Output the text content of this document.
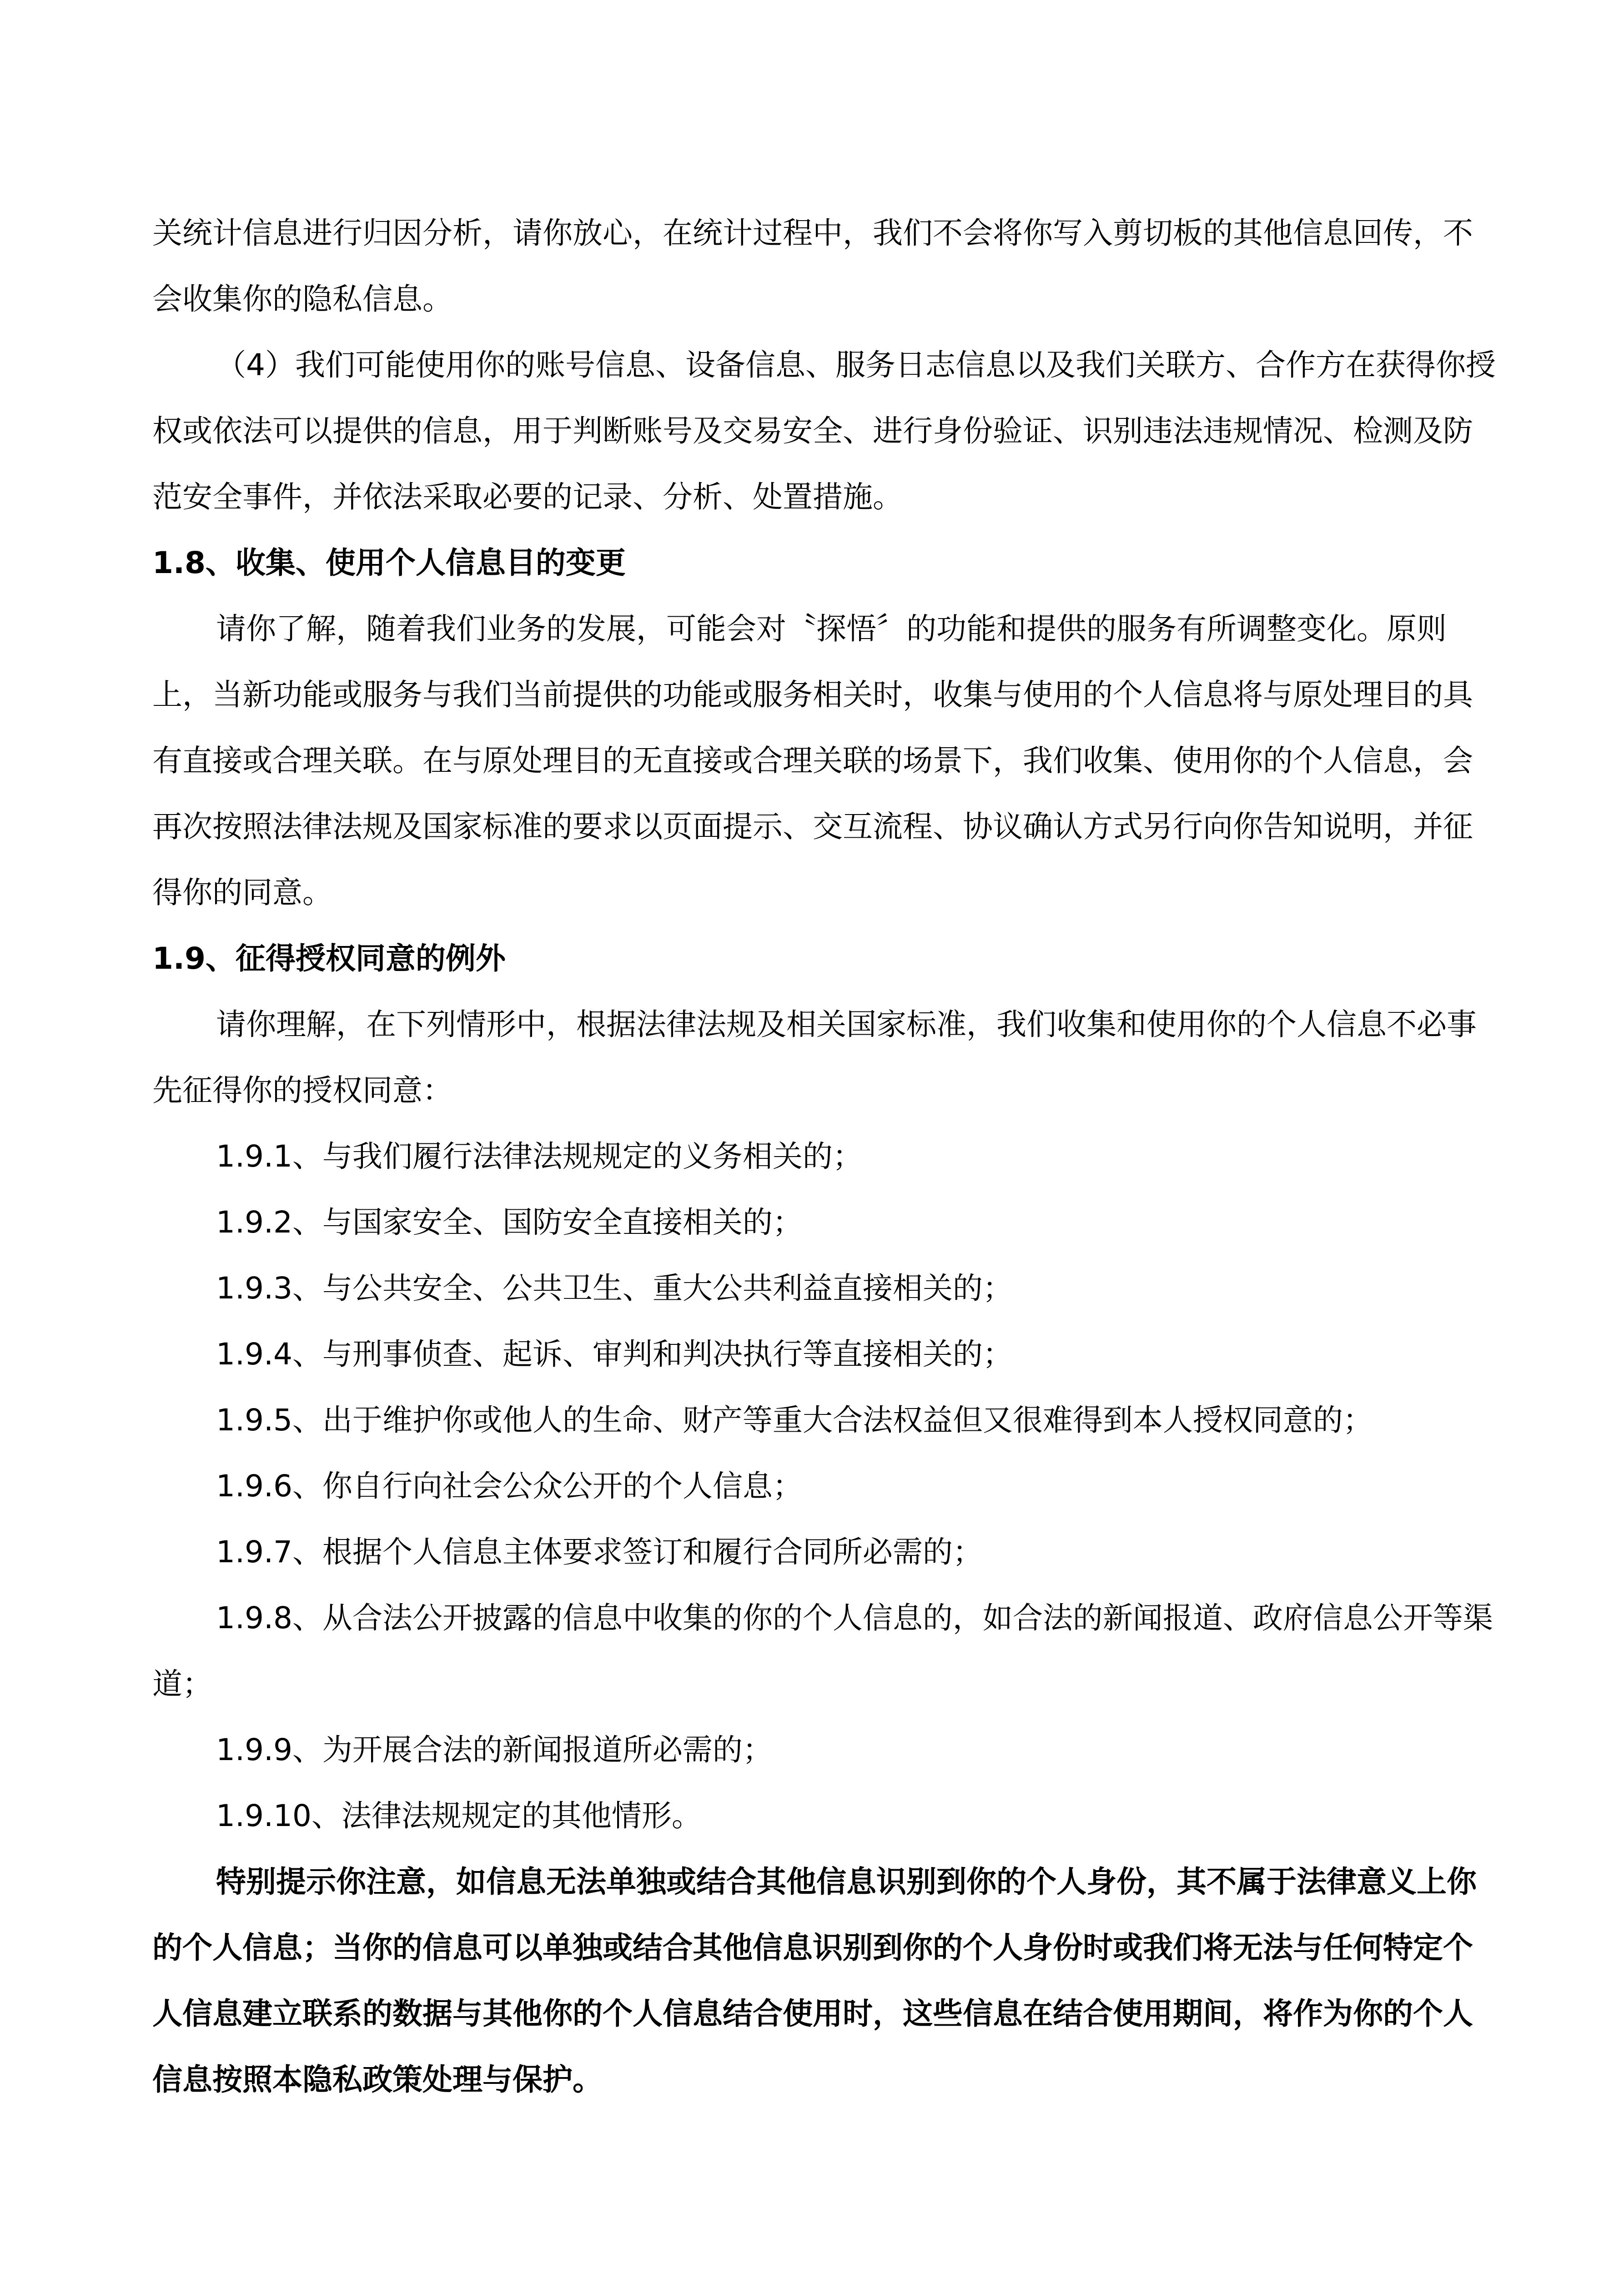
关统计信息进行归因分析，请你放心，在统计过程中，我们不会将你写入剪切板的其他信息回传，不会收集你的隐私信息。

（4）我们可能使用你的账号信息、设备信息、服务日志信息以及我们关联方、合作方在获得你授权或依法可以提供的信息，用于判断账号及交易安全、进行身份验证、识别违法违规情况、检测及防范安全事件，并依法采取必要的记录、分析、处置措施。

1.8、收集、使用个人信息目的变更

请你了解，随着我们业务的发展，可能会对〝探悟〞的功能和提供的服务有所调整变化。原则上，当新功能或服务与我们当前提供的功能或服务相关时，收集与使用的个人信息将与原处理目的具有直接或合理关联。在与原处理目的无直接或合理关联的场景下，我们收集、使用你的个人信息，会再次按照法律法规及国家标准的要求以页面提示、交互流程、协议确认方式另行向你告知说明，并征得你的同意。

1.9、征得授权同意的例外

请你理解，在下列情形中，根据法律法规及相关国家标准，我们收集和使用你的个人信息不必事先征得你的授权同意：

1.9.1、与我们履行法律法规规定的义务相关的；

1.9.2、与国家安全、国防安全直接相关的；

1.9.3、与公共安全、公共卫生、重大公共利益直接相关的；

1.9.4、与刑事侦查、起诉、审判和判决执行等直接相关的；

1.9.5、出于维护你或他人的生命、财产等重大合法权益但又很难得到本人授权同意的；

1.9.6、你自行向社会公众公开的个人信息；

1.9.7、根据个人信息主体要求签订和履行合同所必需的；

1.9.8、从合法公开披露的信息中收集的你的个人信息的，如合法的新闻报道、政府信息公开等渠道；

1.9.9、为开展合法的新闻报道所必需的；

1.9.10、法律法规规定的其他情形。

特别提示你注意，如信息无法单独或结合其他信息识别到你的个人身份，其不属于法律意义上你的个人信息；当你的信息可以单独或结合其他信息识别到你的个人身份时或我们将无法与任何特定个人信息建立联系的数据与其他你的个人信息结合使用时，这些信息在结合使用期间，将作为你的个人信息按照本隐私政策处理与保护。
